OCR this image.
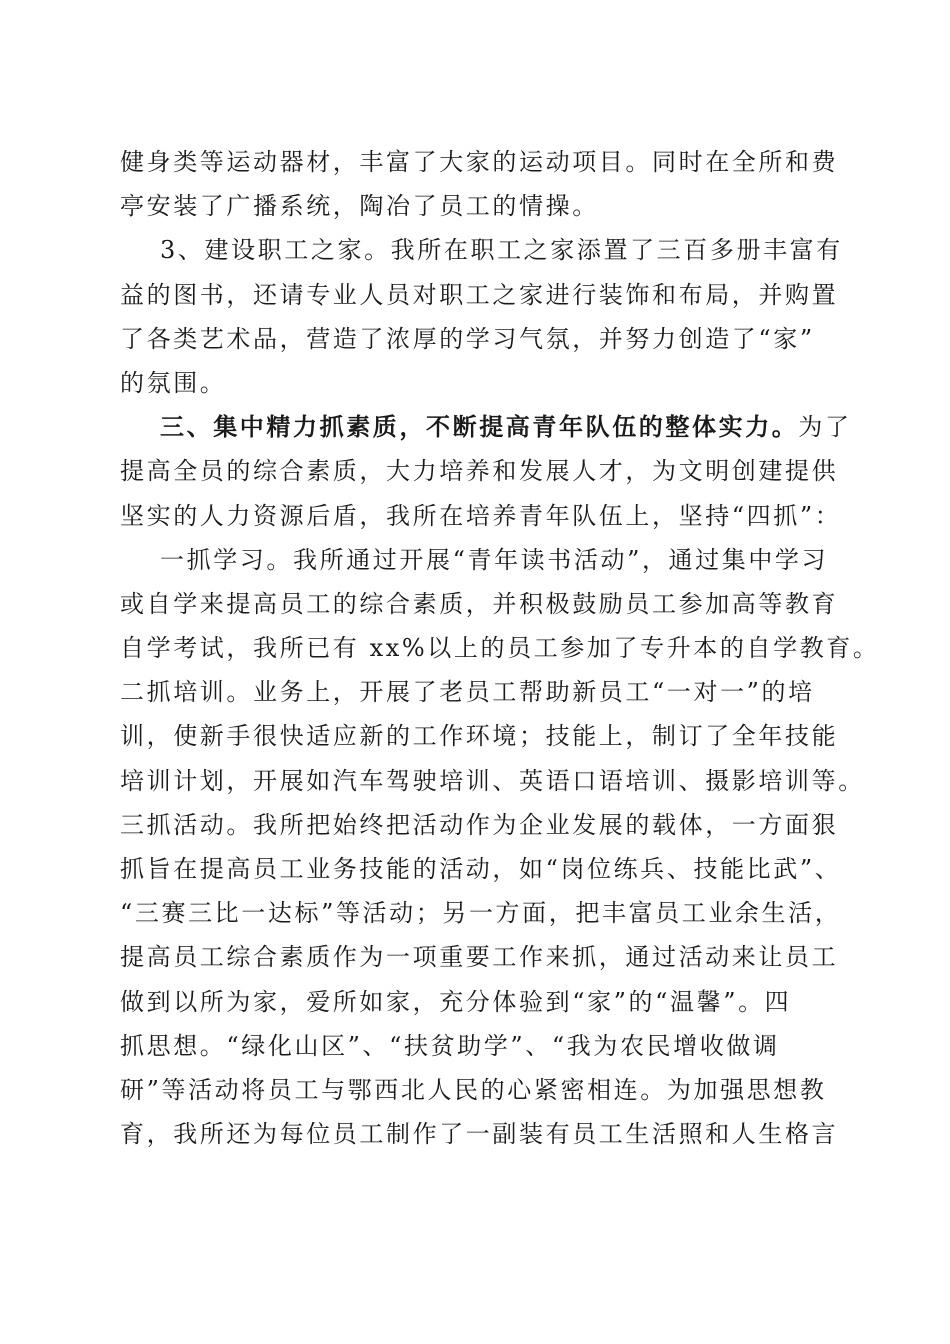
健身类等运动器材，丰富了大家的运动项目。同时在全所和费
亭安装了广播系统，陶冶了员工的情操。
3、建设职工之家。我所在职工之家添置了三百多册丰富有
益的图书，还请专业人员对职工之家进行装饰和布局，并购置
了各类艺术品，营造了浓厚的学习气氛，并努力创造了“家”
的氛围。
三、集中精力抓素质，不断提高青年队伍的整体实力。为了
提高全员的综合素质，大力培养和发展人才，为文明创建提供
坚实的人力资源后盾，我所在培养青年队伍上，坚持“四抓”：
一抓学习。我所通过开展“青年读书活动”，通过集中学习
或自学来提高员工的综合素质，并积极鼓励员工参加高等教育
自学考试，我所已有 xx%以上的员工参加了专升本的自学教育。
二抓培训。业务上，开展了老员工帮助新员工“一对一”的培
训，使新手很快适应新的工作环境；技能上，制订了全年技能
培训计划，开展如汽车驾驶培训、英语口语培训、摄影培训等。
三抓活动。我所把始终把活动作为企业发展的载体，一方面狠
抓旨在提高员工业务技能的活动，如“岗位练兵、技能比武”、
“三赛三比一达标”等活动；另一方面，把丰富员工业余生活，
提高员工综合素质作为一项重要工作来抓，通过活动来让员工
做到以所为家，爱所如家，充分体验到“家”的“温馨”。四
抓思想。“绿化山区”、“扶贫助学”、“我为农民增收做调
研”等活动将员工与鄂西北人民的心紧密相连。为加强思想教
育，我所还为每位员工制作了一副装有员工生活照和人生格言
